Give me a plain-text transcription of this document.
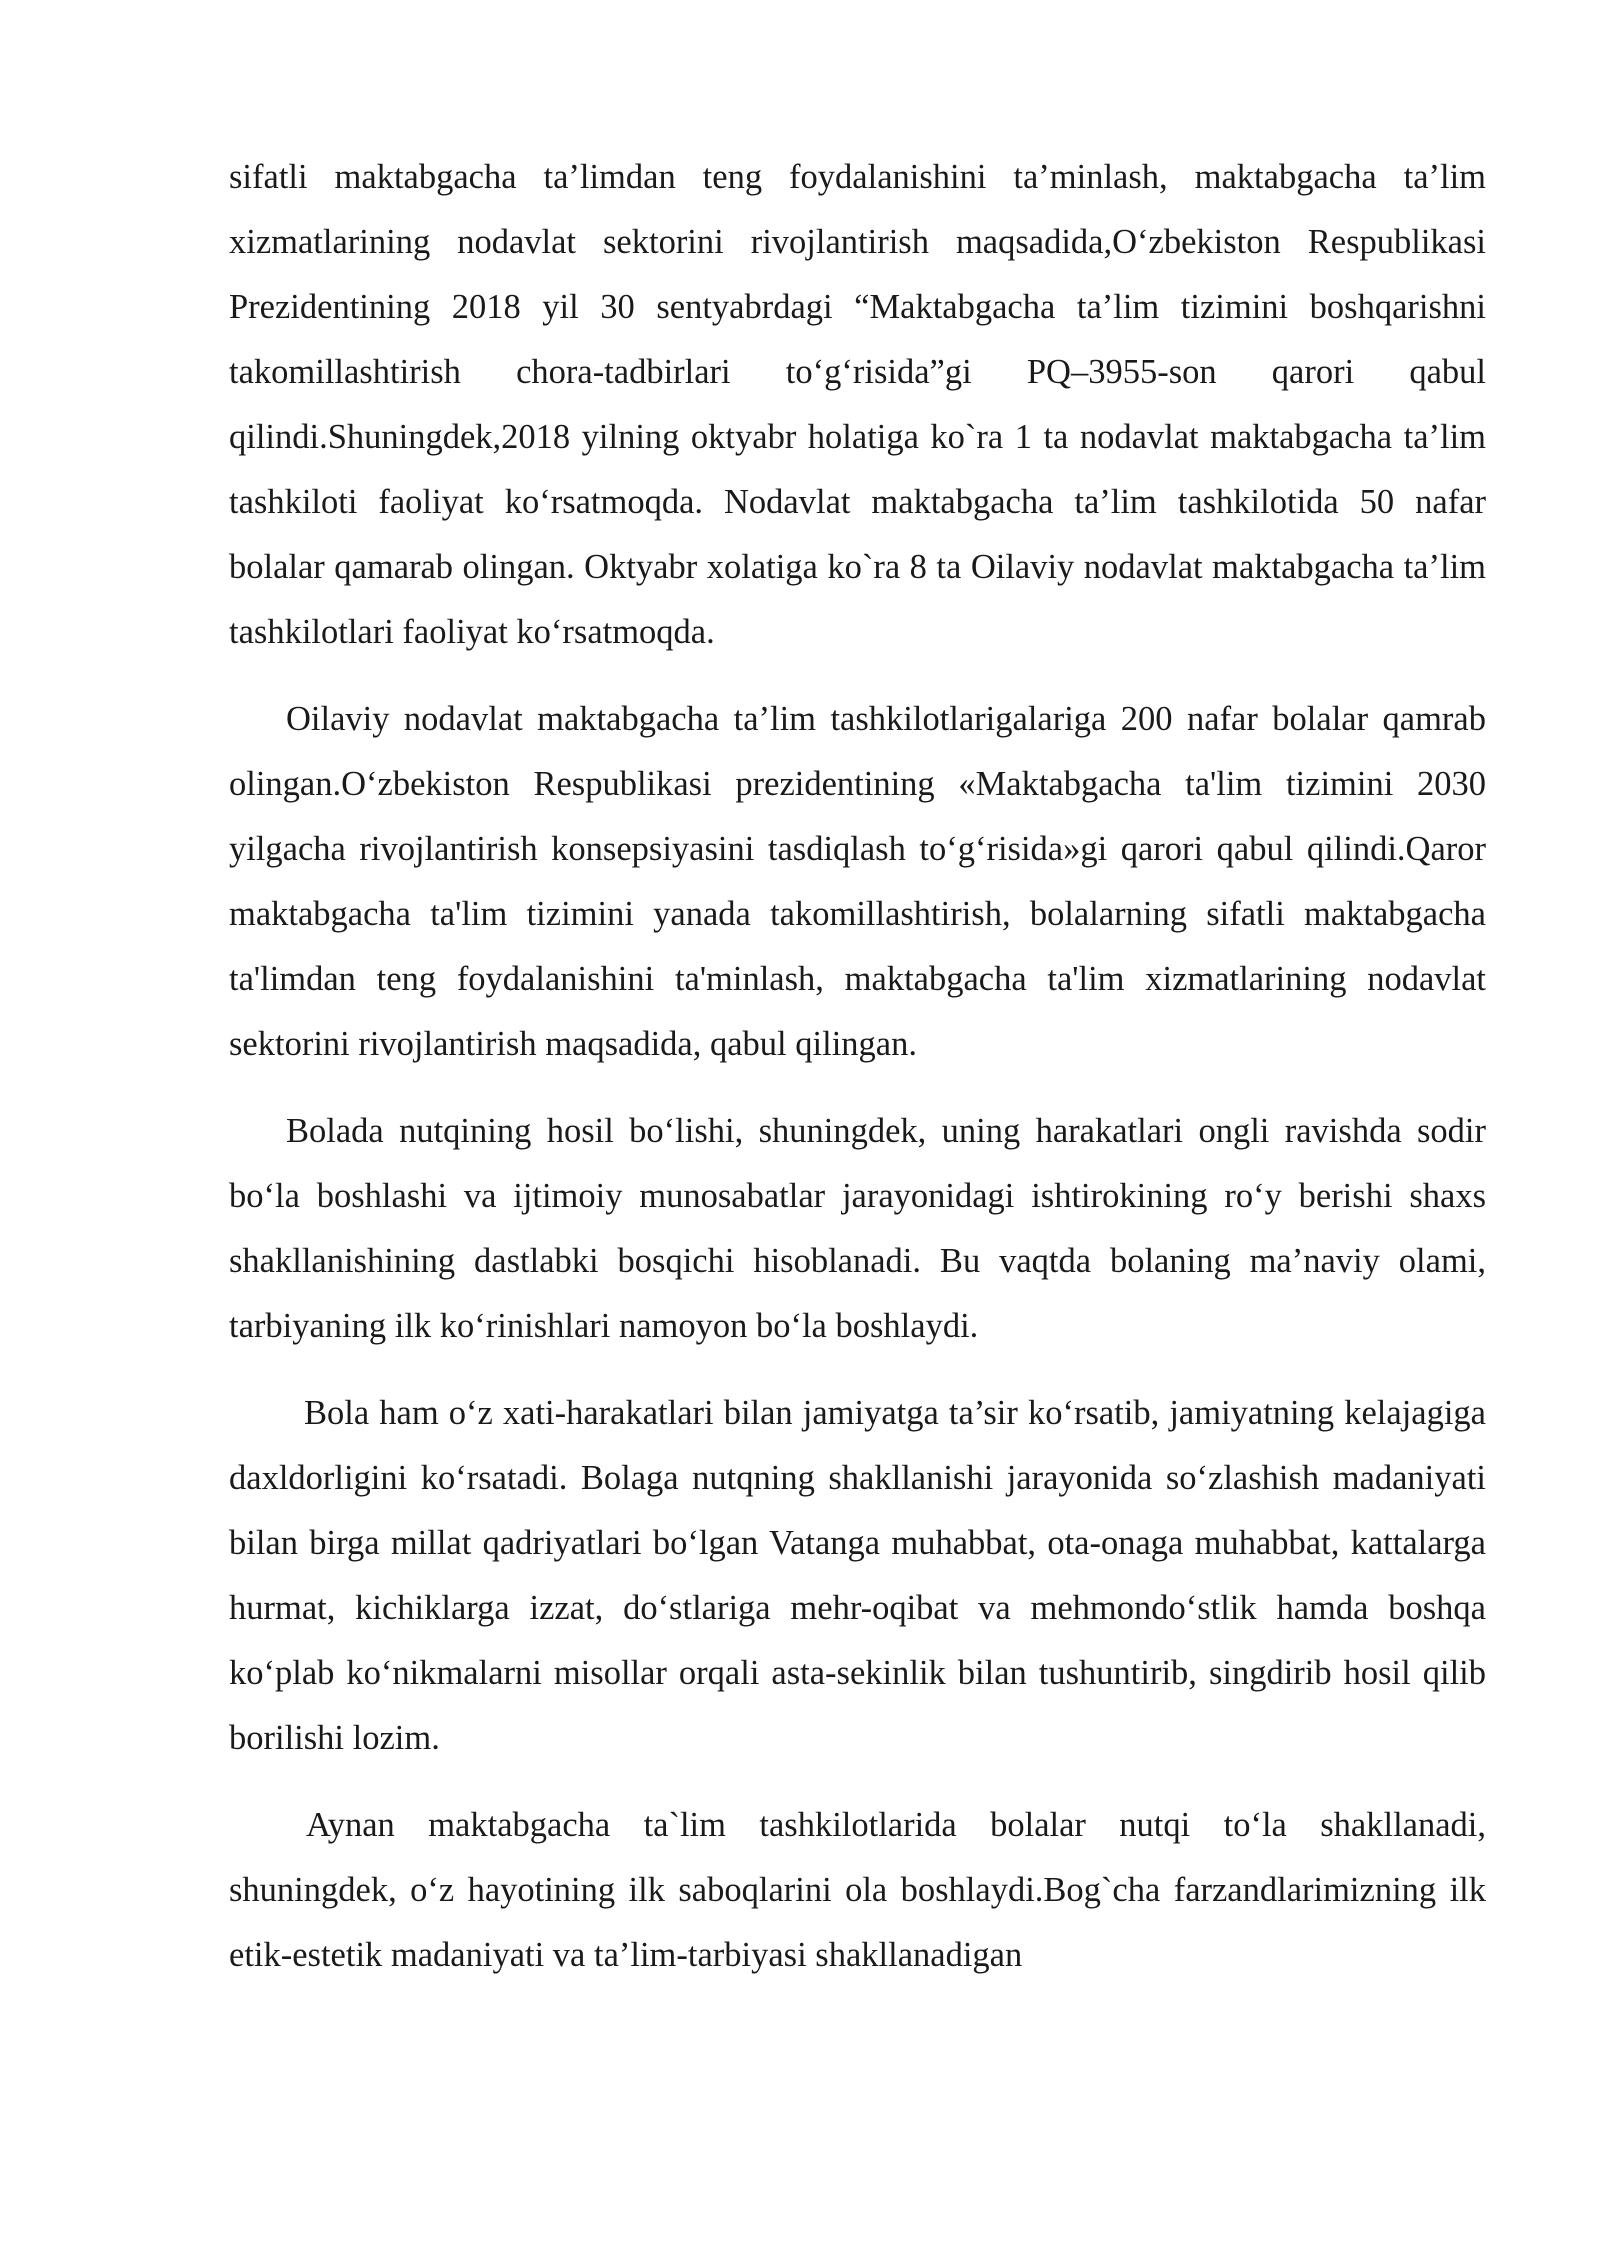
sifatli maktabgacha ta’limdan teng foydalanishini ta’minlash, maktabgacha ta’lim xizmatlarining nodavlat sektorini rivojlantirish maqsadida,O‘zbekiston Respublikasi Prezidentining 2018 yil 30 sentyabrdagi “Maktabgacha ta’lim tizimini boshqarishni takomillashtirish chora-tadbirlari to‘g‘risida”gi PQ–3955-son qarori qabul qilindi.Shuningdek,2018 yilning oktyabr holatiga ko`ra 1 ta nodavlat maktabgacha ta’lim tashkiloti faoliyat ko‘rsatmoqda. Nodavlat maktabgacha ta’lim tashkilotida 50 nafar bolalar qamarab olingan. Oktyabr xolatiga ko`ra 8 ta Oilaviy nodavlat maktabgacha ta’lim tashkilotlari faoliyat ko‘rsatmoqda.

Oilaviy nodavlat maktabgacha ta’lim tashkilotlarigalariga 200 nafar bolalar qamrab olingan.O‘zbekiston Respublikasi prezidentining «Maktabgacha ta'lim tizimini 2030 yilgacha rivojlantirish konsepsiyasini tasdiqlash to‘g‘risida»gi qarori qabul qilindi.Qaror maktabgacha ta'lim tizimini yanada takomillashtirish, bolalarning sifatli maktabgacha ta'limdan teng foydalanishini ta'minlash, maktabgacha ta'lim xizmatlarining nodavlat sektorini rivojlantirish maqsadida, qabul qilingan.

Bolada nutqining hosil bo‘lishi, shuningdek, uning harakatlari ongli ravishda sodir bo‘la boshlashi va ijtimoiy munosabatlar jarayonidagi ishtirokining ro‘y berishi shaxs shakllanishining dastlabki bosqichi hisoblanadi. Bu vaqtda bolaning ma’naviy olami, tarbiyaning ilk ko‘rinishlari namoyon bo‘la boshlaydi.

Bola ham o‘z xati-harakatlari bilan jamiyatga ta’sir ko‘rsatib, jamiyatning kelajagiga daxldorligini ko‘rsatadi. Bolaga nutqning shakllanishi jarayonida so‘zlashish madaniyati bilan birga millat qadriyatlari bo‘lgan Vatanga muhabbat, ota-onaga muhabbat, kattalarga hurmat, kichiklarga izzat, do‘stlariga mehr-oqibat va mehmondo‘stlik hamda boshqa ko‘plab ko‘nikmalarni misollar orqali asta-sekinlik bilan tushuntirib, singdirib hosil qilib borilishi lozim.

Aynan maktabgacha ta`lim tashkilotlarida bolalar nutqi to‘la shakllanadi, shuningdek, o‘z hayotining ilk saboqlarini ola boshlaydi.Bog`cha farzandlarimizning ilk etik-estetik madaniyati va ta’lim-tarbiyasi shakllanadigan
